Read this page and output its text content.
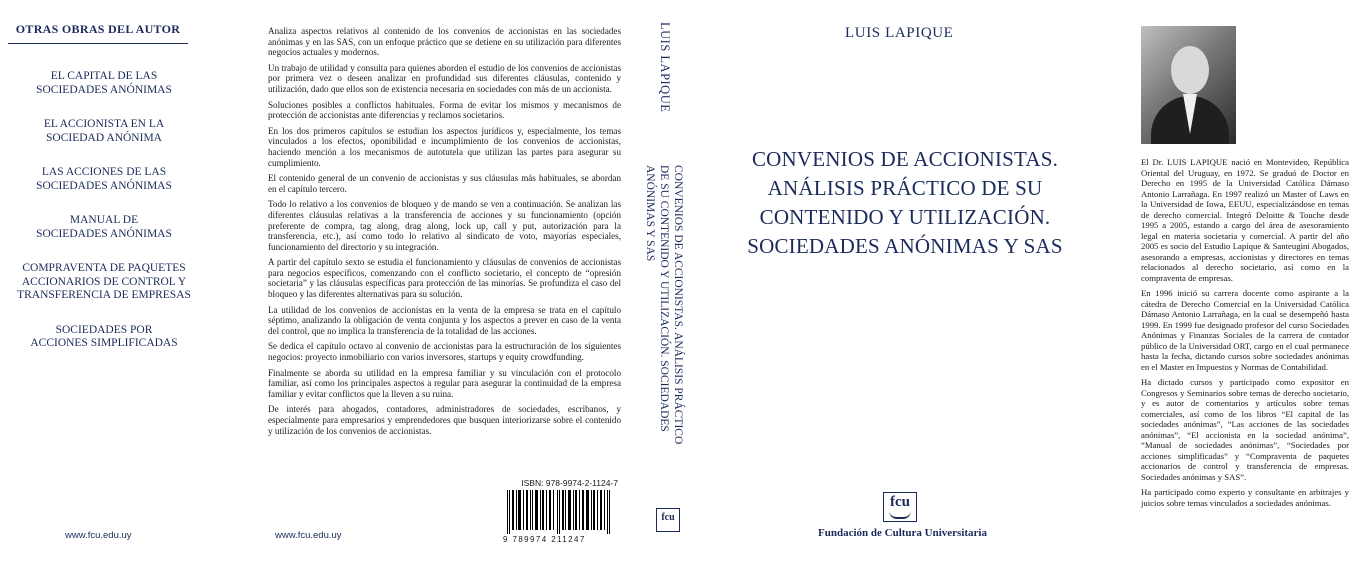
OTRAS OBRAS DEL AUTOR
EL CAPITAL DE LAS
SOCIEDADES ANÓNIMAS
EL ACCIONISTA EN LA
SOCIEDAD ANÓNIMA
LAS ACCIONES DE LAS
SOCIEDADES ANÓNIMAS
MANUAL DE
SOCIEDADES ANÓNIMAS
COMPRAVENTA DE PAQUETES
ACCIONARIOS DE CONTROL Y
TRANSFERENCIA DE EMPRESAS
SOCIEDADES POR
ACCIONES SIMPLIFICADAS
www.fcu.edu.uy

Analiza aspectos relativos al contenido de los convenios de accionistas en las sociedades anónimas y en las SAS, con un enfoque práctico que se detiene en su utilización para diferentes negocios actuales y modernos.

Un trabajo de utilidad y consulta para quienes aborden el estudio de los convenios de accionistas por primera vez o deseen analizar en profundidad sus diferentes cláusulas, contenido y utilización, dado que ellos son de existencia necesaria en sociedades con más de un accionista.

Soluciones posibles a conflictos habituales. Forma de evitar los mismos y mecanismos de protección de accionistas ante diferencias y reclamos societarios.

En los dos primeros capítulos se estudian los aspectos jurídicos y, especialmente, los temas vinculados a los efectos, oponibilidad e incumplimiento de los convenios de accionistas, haciendo mención a los mecanismos de autotutela que utilizan las partes para asegurar su cumplimiento.

El contenido general de un convenio de accionistas y sus cláusulas más habituales, se abordan en el capítulo tercero.

Todo lo relativo a los convenios de bloqueo y de mando se ven a continuación. Se analizan las diferentes cláusulas relativas a la transferencia de acciones y su funcionamiento (opción preferente de compra, tag along, drag along, lock up, call y put, autorización para la transferencia, etc.), así como todo lo relativo al sindicato de voto, mayorías especiales, funcionamiento del directorio y su integración.

A partir del capítulo sexto se estudia el funcionamiento y cláusulas de convenios de accionistas para negocios específicos, comenzando con el conflicto societario, el concepto de “opresión societaria” y las cláusulas específicas para protección de las minorías. Se profundiza el caso del bloqueo y las diferentes alternativas para su solución.

La utilidad de los convenios de accionistas en la venta de la empresa se trata en el capítulo séptimo, analizando la obligación de venta conjunta y los aspectos a prever en caso de la venta del control, que no implica la transferencia de la totalidad de las acciones.

Se dedica el capítulo octavo al convenio de accionistas para la estructuración de los siguientes negocios: proyecto inmobiliario con varios inversores, startups y equity crowdfunding.

Finalmente se aborda su utilidad en la empresa familiar y su vinculación con el protocolo familiar, así como los principales aspectos a regular para asegurar la continuidad de la empresa familiar y evitar conflictos que la lleven a su ruina.

De interés para abogados, contadores, administradores de sociedades, escribanos, y especialmente para empresarios y emprendedores que busquen interiorizarse sobre el contenido y utilización de los convenios de accionistas.

ISBN: 978-9974-2-1124-7
9 789974 211247
www.fcu.edu.uy
LUIS LAPIQUE
CONVENIOS DE ACCIONISTAS. ANÁLISIS PRÁCTICO DE SU CONTENIDO Y UTILIZACIÓN. SOCIEDADES ANÓNIMAS Y SAS
fcu
LUIS LAPIQUE
CONVENIOS DE ACCIONISTAS.
ANÁLISIS PRÁCTICO DE SU
CONTENIDO Y UTILIZACIÓN.
SOCIEDADES ANÓNIMAS Y SAS
fcu
Fundación de Cultura Universitaria

El Dr. LUIS LAPIQUE nació en Montevideo, República Oriental del Uruguay, en 1972. Se graduó de Doctor en Derecho en 1995 de la Universidad Católica Dámaso Antonio Larrañaga. En 1997 realizó un Master of Laws en la Universidad de Iowa, EEUU, especializándose en temas de derecho comercial. Integró Deloitte & Touche desde 1995 a 2005, estando a cargo del área de asesoramiento legal en materia societaria y comercial. A partir del año 2005 es socio del Estudio Lapique & Santeugini Abogados, asesorando a empresas, accionistas y directores en temas relacionados al derecho societario, así como en la compraventa de empresas.

En 1996 inició su carrera docente como aspirante a la cátedra de Derecho Comercial en la Universidad Católica Dámaso Antonio Larrañaga, en la cual se desempeñó hasta 1999. En 1999 fue designado profesor del curso Sociedades Anónimas y Finanzas Sociales de la carrera de contador público de la Universidad ORT, cargo en el cual permanece hasta la fecha, dictando cursos sobre sociedades anónimas en el Master en Impuestos y Normas de Contabilidad.

Ha dictado cursos y participado como expositor en Congresos y Seminarios sobre temas de derecho societario, y es autor de comentarios y artículos sobre temas comerciales, así como de los libros “El capital de las sociedades anónimas”, “Las acciones de las sociedades anónimas”, “El accionista en la sociedad anónima”, “Manual de sociedades anónimas”, “Sociedades por acciones simplificadas” y “Compraventa de paquetes accionarios de control y transferencia de empresas. Sociedades anónimas y SAS”.

Ha participado como experto y consultante en arbitrajes y juicios sobre temas vinculados a sociedades anónimas.
